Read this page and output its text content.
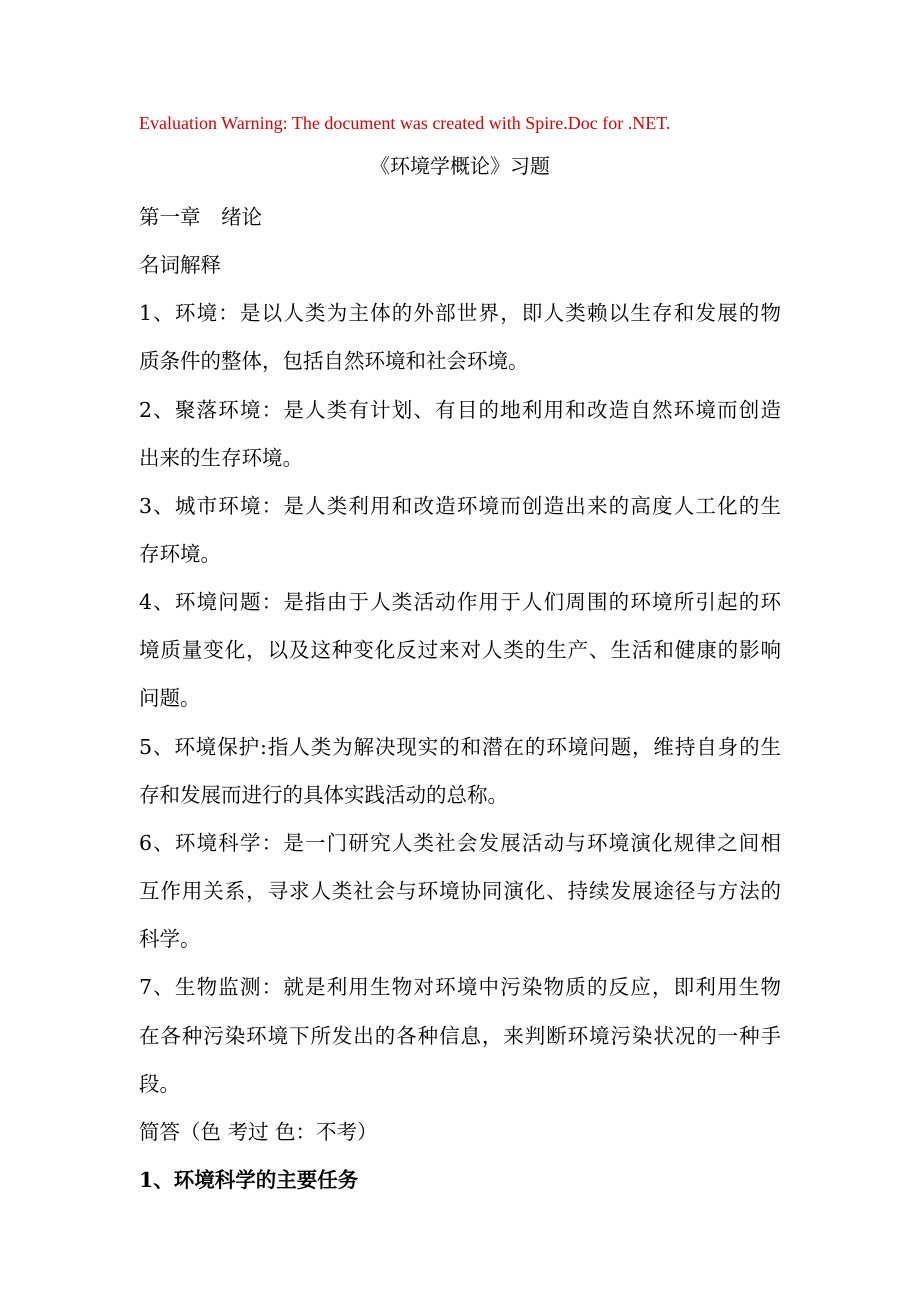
Evaluation Warning: The document was created with Spire.Doc for .NET.
《环境学概论》习题
第一章　绪论
名词解释
1、环境：是以人类为主体的外部世界，即人类赖以生存和发展的物
质条件的整体，包括自然环境和社会环境。
2、聚落环境：是人类有计划、有目的地利用和改造自然环境而创造
出来的生存环境。
3、城市环境：是人类利用和改造环境而创造出来的高度人工化的生
存环境。
4、环境问题：是指由于人类活动作用于人们周围的环境所引起的环
境质量变化，以及这种变化反过来对人类的生产、生活和健康的影响
问题。
5、环境保护:指人类为解决现实的和潜在的环境问题，维持自身的生
存和发展而进行的具体实践活动的总称。
6、环境科学：是一门研究人类社会发展活动与环境演化规律之间相
互作用关系，寻求人类社会与环境协同演化、持续发展途径与方法的
科学。
7、生物监测：就是利用生物对环境中污染物质的反应，即利用生物
在各种污染环境下所发出的各种信息，来判断环境污染状况的一种手
段。
简答（色 考过 色：不考）
1、环境科学的主要任务
